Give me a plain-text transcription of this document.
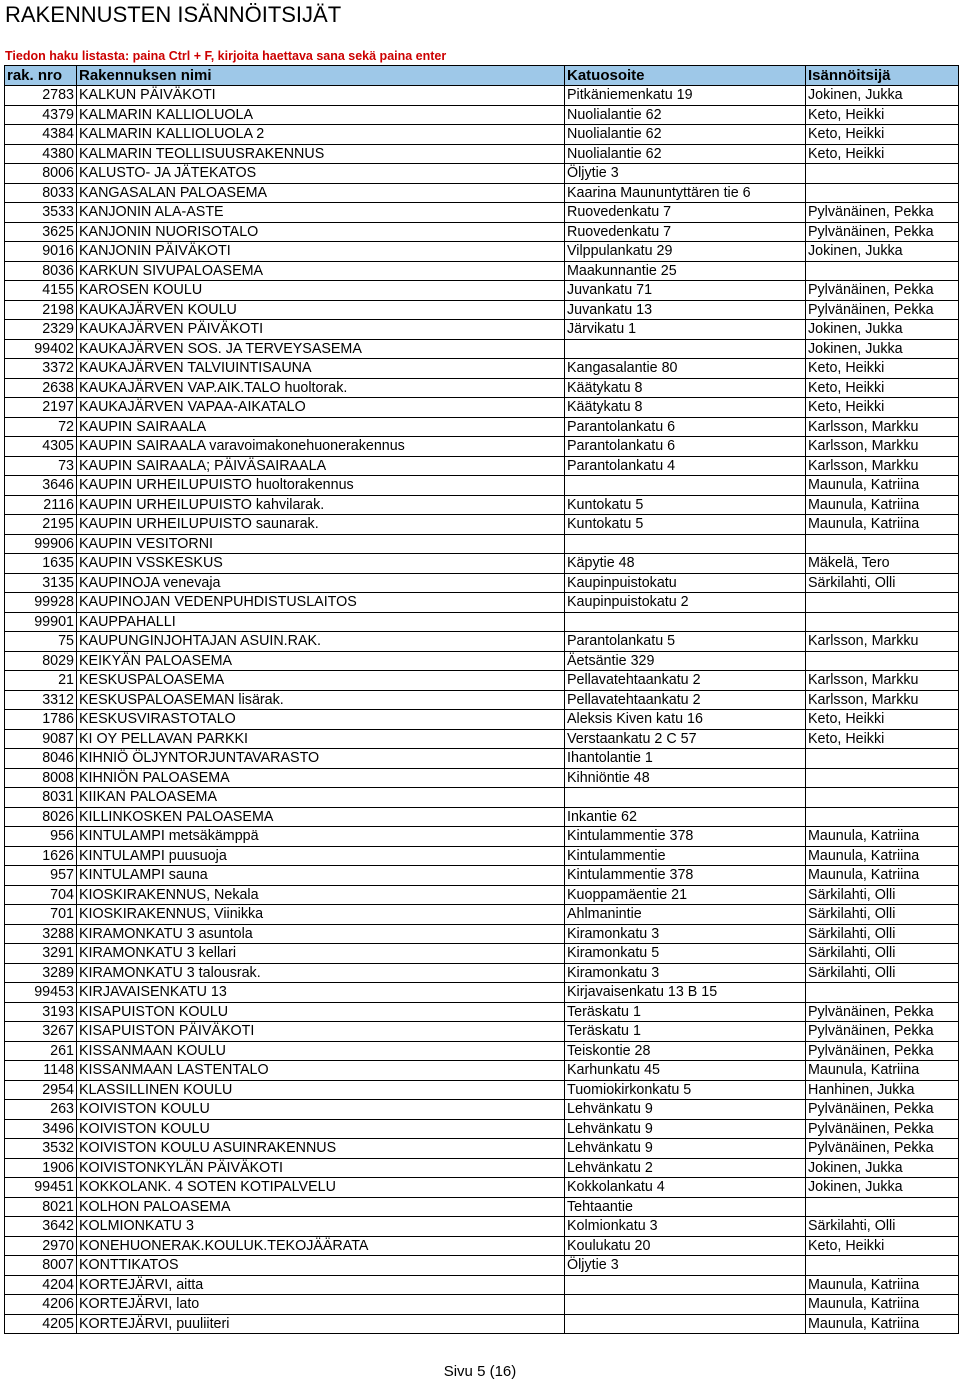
RAKENNUSTEN ISÄNNÖITSIJÄT
Tiedon haku listasta: paina Ctrl + F, kirjoita haettava sana sekä paina enter
rak. nro	Rakennuksen nimi	Katuosoite	Isännöitsijä
2783	KALKUN PÄIVÄKOTI	Pitkäniemenkatu 19	Jokinen, Jukka
4379	KALMARIN KALLIOLUOLA	Nuolialantie 62	Keto, Heikki
4384	KALMARIN KALLIOLUOLA 2	Nuolialantie 62	Keto, Heikki
4380	KALMARIN TEOLLISUUSRAKENNUS	Nuolialantie 62	Keto, Heikki
8006	KALUSTO- JA JÄTEKATOS	Öljytie 3	
8033	KANGASALAN PALOASEMA	Kaarina Maununtyttären tie 6	
3533	KANJONIN ALA-ASTE	Ruovedenkatu 7	Pylvänäinen, Pekka
3625	KANJONIN NUORISOTALO	Ruovedenkatu 7	Pylvänäinen, Pekka
9016	KANJONIN PÄIVÄKOTI	Vilppulankatu 29	Jokinen, Jukka
8036	KARKUN SIVUPALOASEMA	Maakunnantie 25	
4155	KAROSEN KOULU	Juvankatu 71	Pylvänäinen, Pekka
2198	KAUKAJÄRVEN KOULU	Juvankatu 13	Pylvänäinen, Pekka
2329	KAUKAJÄRVEN PÄIVÄKOTI	Järvikatu 1	Jokinen, Jukka
99402	KAUKAJÄRVEN SOS. JA TERVEYSASEMA		Jokinen, Jukka
3372	KAUKAJÄRVEN TALVIUINTISAUNA	Kangasalantie 80	Keto, Heikki
2638	KAUKAJÄRVEN VAP.AIK.TALO huoltorak.	Käätykatu 8	Keto, Heikki
2197	KAUKAJÄRVEN VAPAA-AIKATALO	Käätykatu 8	Keto, Heikki
72	KAUPIN SAIRAALA	Parantolankatu 6	Karlsson, Markku
4305	KAUPIN SAIRAALA varavoimakonehuonerakennus	Parantolankatu 6	Karlsson, Markku
73	KAUPIN SAIRAALA; PÄIVÄSAIRAALA	Parantolankatu 4	Karlsson, Markku
3646	KAUPIN URHEILUPUISTO huoltorakennus		Maunula, Katriina
2116	KAUPIN URHEILUPUISTO kahvilarak.	Kuntokatu 5	Maunula, Katriina
2195	KAUPIN URHEILUPUISTO saunarak.	Kuntokatu 5	Maunula, Katriina
99906	KAUPIN VESITORNI		
1635	KAUPIN VSSKESKUS	Käpytie 48	Mäkelä, Tero
3135	KAUPINOJA venevaja	Kaupinpuistokatu	Särkilahti, Olli
99928	KAUPINOJAN VEDENPUHDISTUSLAITOS	Kaupinpuistokatu 2	
99901	KAUPPAHALLI		
75	KAUPUNGINJOHTAJAN ASUIN.RAK.	Parantolankatu 5	Karlsson, Markku
8029	KEIKYÄN PALOASEMA	Äetsäntie 329	
21	KESKUSPALOASEMA	Pellavatehtaankatu 2	Karlsson, Markku
3312	KESKUSPALOASEMAN lisärak.	Pellavatehtaankatu 2	Karlsson, Markku
1786	KESKUSVIRASTOTALO	Aleksis Kiven katu 16	Keto, Heikki
9087	KI OY PELLAVAN PARKKI	Verstaankatu 2 C 57	Keto, Heikki
8046	KIHNIÖ ÖLJYNTORJUNTAVARASTO	Ihantolantie 1	
8008	KIHNIÖN PALOASEMA	Kihniöntie 48	
8031	KIIKAN PALOASEMA		
8026	KILLINKOSKEN PALOASEMA	Inkantie 62	
956	KINTULAMPI metsäkämppä	Kintulammentie 378	Maunula, Katriina
1626	KINTULAMPI puusuoja	Kintulammentie	Maunula, Katriina
957	KINTULAMPI sauna	Kintulammentie 378	Maunula, Katriina
704	KIOSKIRAKENNUS, Nekala	Kuoppamäentie 21	Särkilahti, Olli
701	KIOSKIRAKENNUS, Viinikka	Ahlmanintie	Särkilahti, Olli
3288	KIRAMONKATU 3 asuntola	Kiramonkatu 3	Särkilahti, Olli
3291	KIRAMONKATU 3 kellari	Kiramonkatu 5	Särkilahti, Olli
3289	KIRAMONKATU 3 talousrak.	Kiramonkatu 3	Särkilahti, Olli
99453	KIRJAVAISENKATU 13	Kirjavaisenkatu 13 B 15	
3193	KISAPUISTON KOULU	Teräskatu 1	Pylvänäinen, Pekka
3267	KISAPUISTON PÄIVÄKOTI	Teräskatu 1	Pylvänäinen, Pekka
261	KISSANMAAN KOULU	Teiskontie 28	Pylvänäinen, Pekka
1148	KISSANMAAN LASTENTALO	Karhunkatu 45	Maunula, Katriina
2954	KLASSILLINEN KOULU	Tuomiokirkonkatu 5	Hanhinen, Jukka
263	KOIVISTON KOULU	Lehvänkatu 9	Pylvänäinen, Pekka
3496	KOIVISTON KOULU	Lehvänkatu 9	Pylvänäinen, Pekka
3532	KOIVISTON KOULU ASUINRAKENNUS	Lehvänkatu 9	Pylvänäinen, Pekka
1906	KOIVISTONKYLÄN PÄIVÄKOTI	Lehvänkatu 2	Jokinen, Jukka
99451	KOKKOLANK. 4 SOTEN KOTIPALVELU	Kokkolankatu 4	Jokinen, Jukka
8021	KOLHON PALOASEMA	Tehtaantie	
3642	KOLMIONKATU 3	Kolmionkatu 3	Särkilahti, Olli
2970	KONEHUONERAK.KOULUK.TEKOJÄÄRATA	Koulukatu 20	Keto, Heikki
8007	KONTTIKATOS	Öljytie 3	
4204	KORTEJÄRVI, aitta		Maunula, Katriina
4206	KORTEJÄRVI, lato		Maunula, Katriina
4205	KORTEJÄRVI, puuliiteri		Maunula, Katriina
Sivu 5 (16)
